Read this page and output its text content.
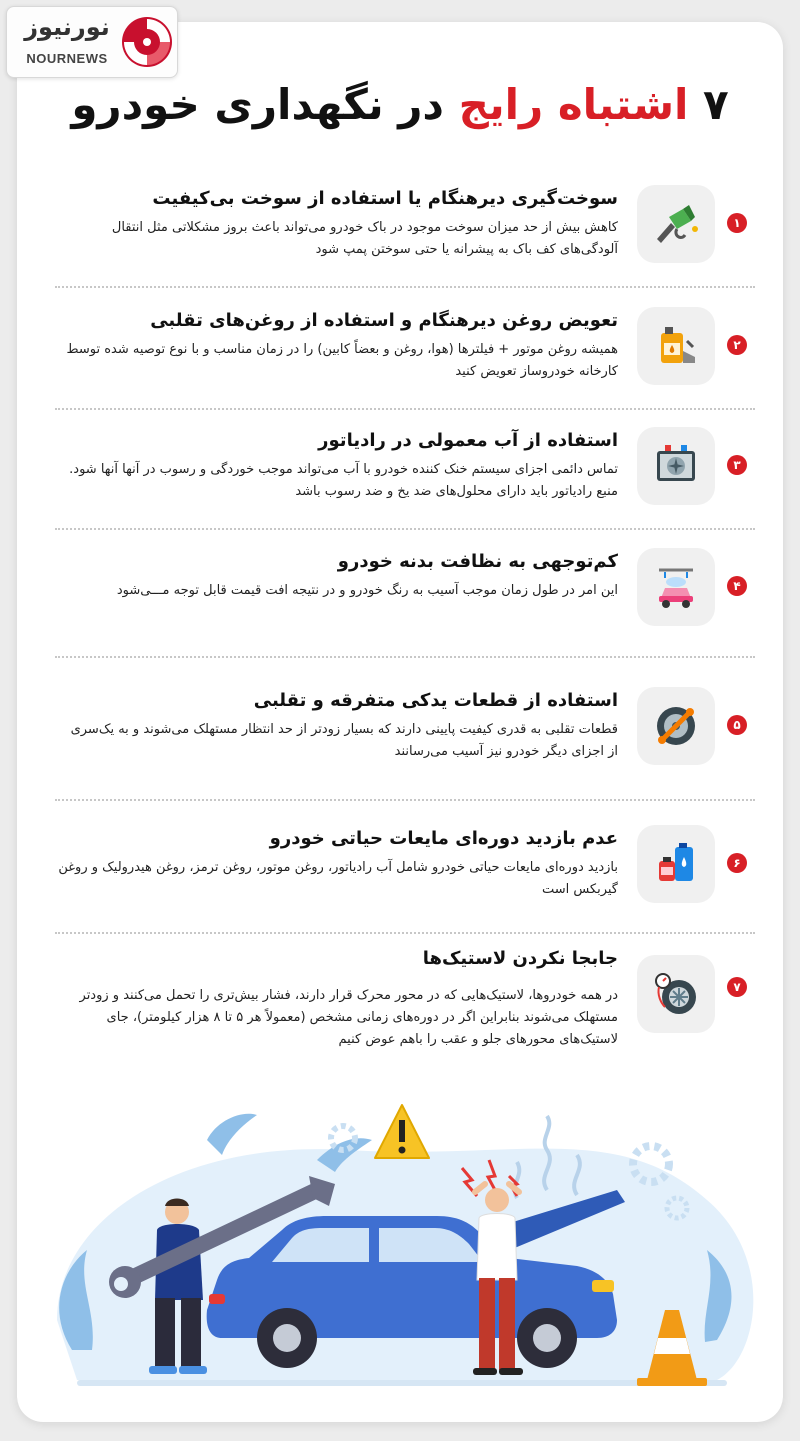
نورنیوز
NOURNEWS
۷ اشتباه رایج در نگهداری خودرو
۱
سوخت‌گیری دیرهنگام یا استفاده از سوخت بی‌کیفیت
کاهش بیش از حد میزان سوخت موجود در باک خودرو می‌تواند باعث بروز مشکلاتی مثل انتقال آلودگی‌های کف باک به پیشرانه یا حتی سوختن پمپ شود
۲
تعویض روغن دیرهنگام و استفاده از روغن‌های تقلبی
همیشه روغن موتور + فیلترها (هوا، روغن و بعضاً کابین) را در زمان مناسب و با نوع توصیه شده توسط کارخانه خودروساز تعویض کنید
۳
استفاده از آب معمولی در رادیاتور
تماس دائمی اجزای سیستم خنک کننده خودرو با آب می‌تواند موجب خوردگی و رسوب در آنها آنها شود. منبع رادیاتور باید دارای محلول‌های ضد یخ و ضد رسوب باشد
۴
کم‌توجهی به نظافت بدنه خودرو
این امر در طول زمان موجب آسیب به رنگ خودرو و در نتیجه افت قیمت قابل توجه مـــی‌شود
۵
استفاده از قطعات یدکی متفرقه و تقلبی
قطعات تقلبی به قدری کیفیت پایینی دارند که بسیار زودتر از حد انتظار مستهلک می‌شوند و به یک‌سری از اجزای دیگر خودرو نیز آسیب می‌رسانند
۶
عدم بازدید دوره‌ای مایعات حیاتی خودرو
بازدید دوره‌ای مایعات حیاتی خودرو شامل آب رادیاتور، روغن موتور، روغن ترمز، روغن هیدرولیک و روغن گیربکس است
۷
جابجا نکردن لاستیک‌ها
در همه خودروها، لاستیک‌هایی که در محور محرک قرار دارند، فشار بیش‌تری را تحمل می‌کنند و زودتر مستهلک می‌شوند بنابراین اگر در دوره‌های زمانی مشخص (معمولاً هر ۵ تا ۸ هزار کیلومتر)، جای لاستیک‌های محورهای جلو و عقب را باهم عوض کنیم
